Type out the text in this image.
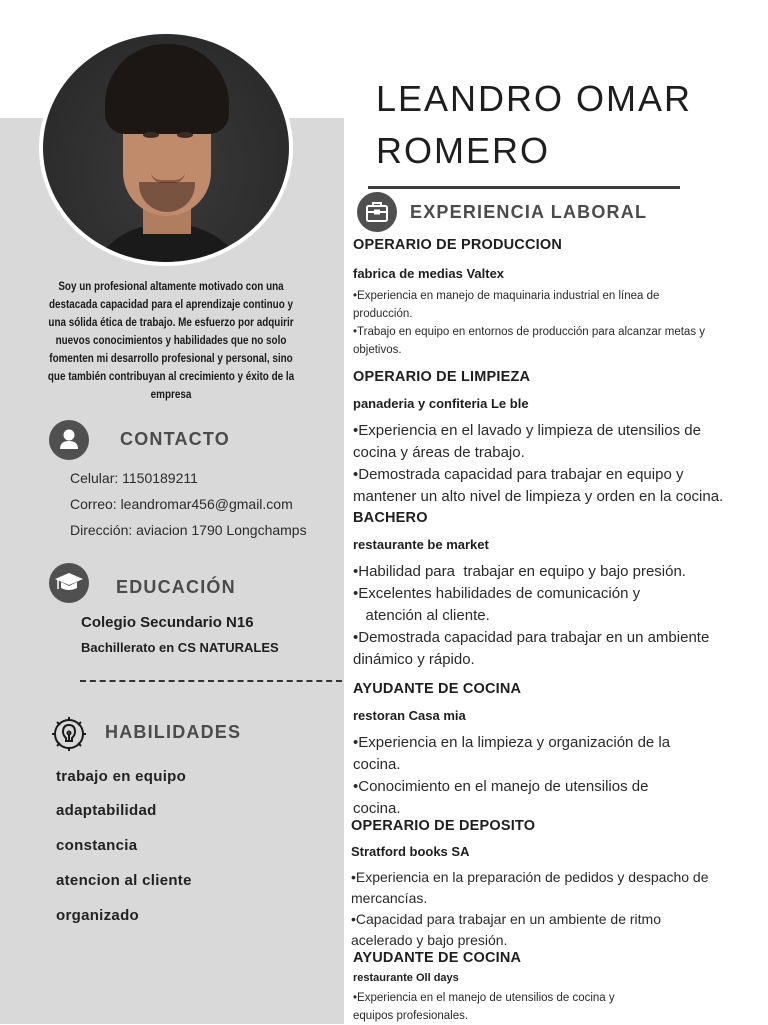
Soy un profesional altamente motivado con una destacada capacidad para el aprendizaje continuo y una sólida ética de trabajo. Me esfuerzo por adquirir nuevos conocimientos y habilidades que no solo fomenten mi desarrollo profesional y personal, sino que también contribuyan al crecimiento y éxito de la empresa
CONTACTO
Celular: 1150189211
Correo: leandromar456@gmail.com
Dirección: aviacion 1790 Longchamps
EDUCACIÓN
Colegio Secundario N16
Bachillerato en CS NATURALES
HABILIDADES
trabajo en equipo
adaptabilidad
constancia
atencion al cliente
organizado
LEANDRO OMAR
ROMERO
EXPERIENCIA LABORAL
OPERARIO DE PRODUCCION
fabrica de medias Valtex
•Experiencia en manejo de maquinaria industrial en línea de
producción.
•Trabajo en equipo en entornos de producción para alcanzar metas y
objetivos.
OPERARIO DE LIMPIEZA
panaderia y confiteria Le ble
•Experiencia en el lavado y limpieza de utensilios de
cocina y áreas de trabajo.
•Demostrada capacidad para trabajar en equipo y
mantener un alto nivel de limpieza y orden en la cocina.
BACHERO
restaurante be market
•Habilidad para  trabajar en equipo y bajo presión.
•Excelentes habilidades de comunicación y
atención al cliente.
•Demostrada capacidad para trabajar en un ambiente
dinámico y rápido.
AYUDANTE DE COCINA
restoran Casa mia
•Experiencia en la limpieza y organización de la
cocina.
•Conocimiento en el manejo de utensilios de
cocina.
OPERARIO DE DEPOSITO
Stratford books SA
•Experiencia en la preparación de pedidos y despacho de
mercancías.
•Capacidad para trabajar en un ambiente de ritmo
acelerado y bajo presión.
AYUDANTE DE COCINA
restaurante Oll days
•Experiencia en el manejo de utensilios de cocina y
equipos profesionales.
